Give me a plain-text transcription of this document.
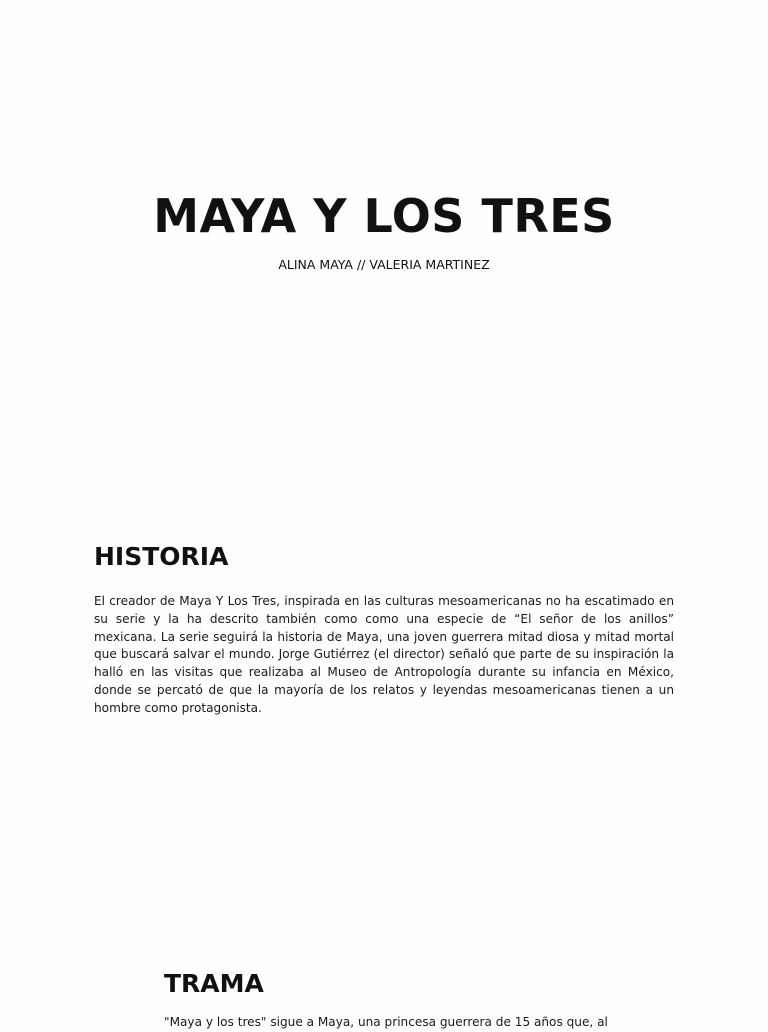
MAYA Y LOS TRES

ALINA MAYA // VALERIA MARTINEZ

HISTORIA

El creador de Maya Y Los Tres, inspirada en las culturas mesoamericanas no ha escatimado en su serie y la ha descrito también como como una especie de “El señor de los anillos” mexicana. La serie seguirá la historia de Maya, una joven guerrera mitad diosa y mitad mortal que buscará salvar el mundo. Jorge Gutiérrez (el director) señaló que parte de su inspiración la halló en las visitas que realizaba al Museo de Antropología durante su infancia en México, donde se percató de que la mayoría de los relatos y leyendas mesoamericanas tienen a un hombre como protagonista.

TRAMA

"Maya y los tres" sigue a Maya, una princesa guerrera de 15 años que, al
